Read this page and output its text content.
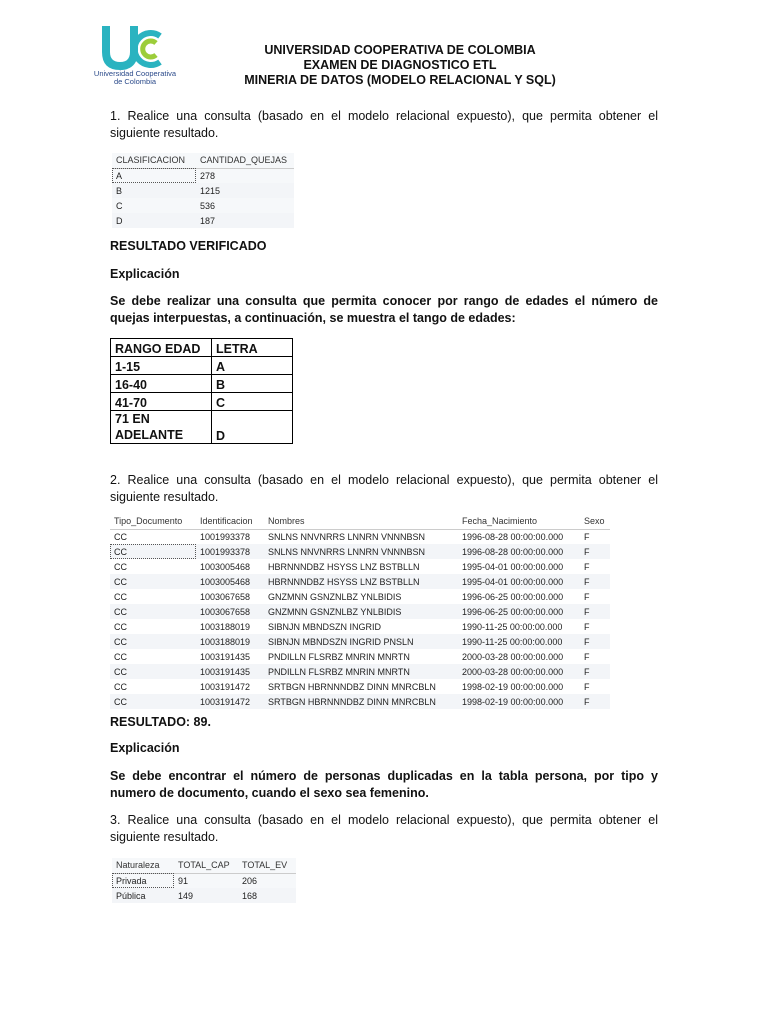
Universidad Cooperativa
de Colombia
UNIVERSIDAD COOPERATIVA DE COLOMBIA
EXAMEN DE DIAGNOSTICO ETL
MINERIA DE DATOS (MODELO RELACIONAL Y SQL)
1. Realice una consulta (basado en el modelo relacional expuesto), que permita obtener el siguiente resultado.
CLASIFICACION	CANTIDAD_QUEJAS
A	278
B	1215
C	536
D	187
RESULTADO VERIFICADO
Explicación
Se debe realizar una consulta que permita conocer por rango de edades el número de quejas interpuestas, a continuación, se muestra el tango de edades:
RANGO EDAD	LETRA
1-15	A
16-40	B
41-70	C

71 EN
ADELANTE	D
2. Realice una consulta (basado en el modelo relacional expuesto), que permita obtener el siguiente resultado.
Tipo_Documento	Identificacion	Nombres	Fecha_Nacimiento	Sexo
CC	1001993378	SNLNS NNVNRRS LNNRN VNNNBSN	1996-08-28 00:00:00.000	F
CC	1001993378	SNLNS NNVNRRS LNNRN VNNNBSN	1996-08-28 00:00:00.000	F
CC	1003005468	HBRNNNDBZ HSYSS LNZ BSTBLLN	1995-04-01 00:00:00.000	F
CC	1003005468	HBRNNNDBZ HSYSS LNZ BSTBLLN	1995-04-01 00:00:00.000	F
CC	1003067658	GNZMNN GSNZNLBZ YNLBIDIS	1996-06-25 00:00:00.000	F
CC	1003067658	GNZMNN GSNZNLBZ YNLBIDIS	1996-06-25 00:00:00.000	F
CC	1003188019	SIBNJN MBNDSZN INGRID	1990-11-25 00:00:00.000	F
CC	1003188019	SIBNJN MBNDSZN INGRID PNSLN	1990-11-25 00:00:00.000	F
CC	1003191435	PNDILLN FLSRBZ MNRIN MNRTN	2000-03-28 00:00:00.000	F
CC	1003191435	PNDILLN FLSRBZ MNRIN MNRTN	2000-03-28 00:00:00.000	F
CC	1003191472	SRTBGN HBRNNNDBZ DINN MNRCBLN	1998-02-19 00:00:00.000	F
CC	1003191472	SRTBGN HBRNNNDBZ DINN MNRCBLN	1998-02-19 00:00:00.000	F
RESULTADO: 89.
Explicación
Se debe encontrar el número de personas duplicadas en la tabla persona, por tipo y numero de documento, cuando el sexo sea femenino.
3. Realice una consulta (basado en el modelo relacional expuesto), que permita obtener el siguiente resultado.
Naturaleza	TOTAL_CAP	TOTAL_EV
Privada	91	206
Pública	149	168
